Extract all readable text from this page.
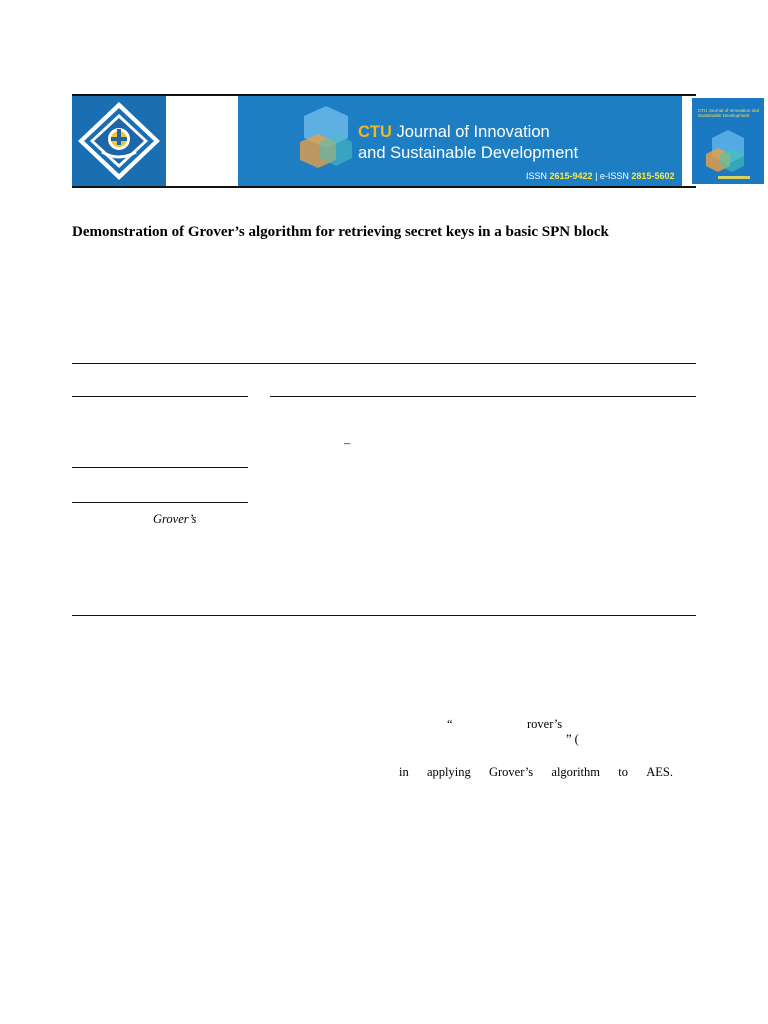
CTU Journal of Innovation
and Sustainable Development
ISSN 2615-9422 | e-ISSN 2815-5602
CTU Journal of Innovation and Sustainable Development
Demonstration of Grover’s algorithm for retrieving secret keys in a basic SPN block
–
Grover’s
“	rover’s
” (
in applying Grover’s algorithm to AES.
